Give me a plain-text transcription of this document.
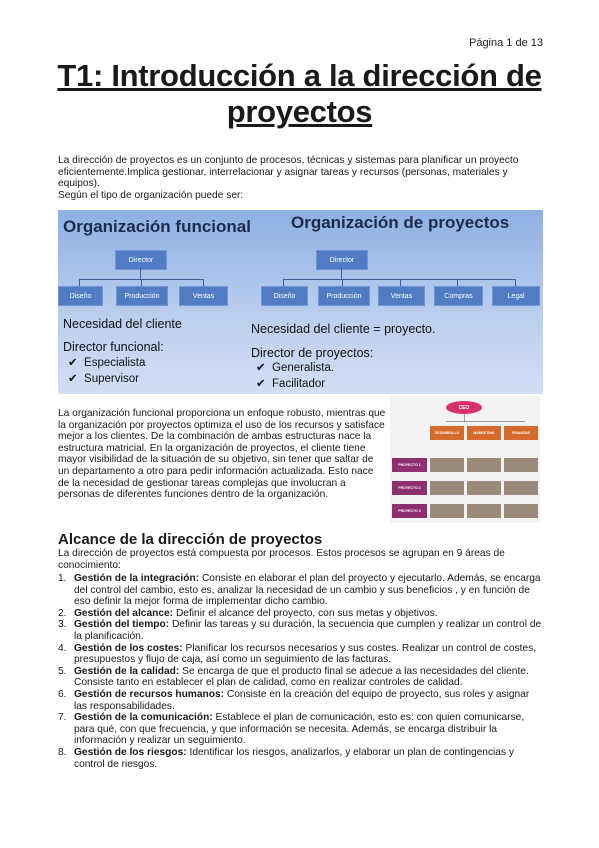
Página 1 de 13
T1: Introducción a la dirección de proyectos
La dirección de proyectos es un conjunto de procesos, técnicas y sistemas para planificar un proyecto eficientemente.Implica gestionar, interrelacionar y asignar tareas y recursos (personas, materiales y equipos).
Según el tipo de organización puede ser:
Organización funcional
Director
Diseño	Producción	Ventas
Necesidad del cliente
Director funcional:
✔ Especialista
✔ Supervisor
Organización de proyectos
Director
Diseño	Producción	Ventas	Compras	Legal
Necesidad del cliente = proyecto.
Director de proyectos:
✔ Generalista.
✔ Facilitador
CEO
DESARROLLO	MARKETING	FINANZAS
PROYECTO 1
PROYECTO 2
PROYECTO 3
La organización funcional proporciona un enfoque robusto, mientras que la organización por proyectos optimiza el uso de los recursos y satisface mejor a los clientes. De la combinación de ambas estructuras nace la estructura matricial. En la organización de proyectos, el cliente tiene mayor visibilidad de la situación de su objetivo, sin tener que saltar de un departamento a otro para pedir información actualizada. Esto nace de la necesidad de gestionar tareas complejas que involucran a personas de diferentes funciones dentro de la organización.
Alcance de la dirección de proyectos
La dirección de proyectos está compuesta por procesos. Estos procesos se agrupan en 9 áreas de conocimiento:
1. Gestión de la integración: Consiste en elaborar el plan del proyecto y ejecutarlo. Además, se encarga del control del cambio, esto es, analizar la necesidad de un cambio y sus beneficios , y en función de eso definir la mejor forma de implementar dicho cambio.
2. Gestión del alcance: Definir el alcance del proyecto, con sus metas y objetivos.
3. Gestión del tiempo: Definir las tareas y su duración, la secuencia que cumplen y realizar un control de la planificación.
4. Gestión de los costes: Planificar los recursos necesarios y sus costes. Realizar un control de costes, presupuestos y flujo de caja, así como un seguimiento de las facturas.
5. Gestión de la calidad: Se encarga de que el producto final se adecue a las necesidades del cliente. Consiste tanto en establecer el plan de calidad, como en realizar controles de calidad.
6. Gestión de recursos humanos: Consiste en la creación del equipo de proyecto, sus roles y asignar las responsabilidades.
7. Gestión de la comunicación: Establece el plan de comunicación, esto es: con quien comunicarse, para qué, con que frecuencia, y que información se necesita. Además, se encarga distribuir la información y realizar un seguimiento.
8. Gestión de los riesgos: Identificar los riesgos, analizarlos, y elaborar un plan de contingencias y control de riesgos.
